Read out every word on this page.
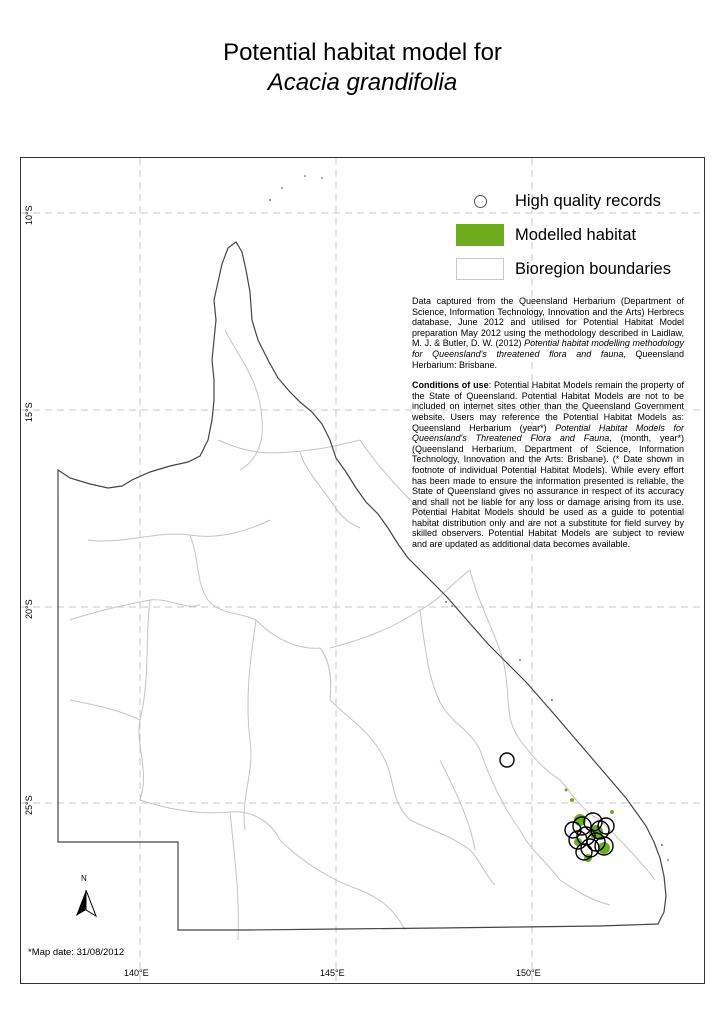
Potential habitat model for
Acacia grandifolia
N
10°S
15°S
20°S
25°S
140°E	145°E	150°E
High quality records
Modelled habitat
Bioregion boundaries

Data captured from the Queensland Herbarium (Department of Science, Information Technology, Innovation and the Arts) Herbrecs database, June 2012 and utilised for Potential Habitat Model preparation May 2012 using the methodology described in Laidlaw, M. J. & Butler, D. W. (2012) Potential habitat modelling methodology for Queensland's threatened flora and fauna, Queensland Herbarium: Brisbane.

Conditions of use: Potential Habitat Models remain the property of the State of Queensland. Potential Habitat Models are not to be included on internet sites other than the Queensland Government website. Users may reference the Potential Habitat Models as: Queensland Herbarium (year*) Potential Habitat Models for Queensland's Threatened Flora and Fauna, (month, year*) (Queensland Herbarium, Department of Science, Information Technology, Innovation and the Arts: Brisbane). (* Date shown in footnote of individual Potential Habitat Models). While every effort has been made to ensure the information presented is reliable, the State of Queensland gives no assurance in respect of its accuracy and shall not be liable for any loss or damage arising from its use. Potential Habitat Models should be used as a guide to potential habitat distribution only and are not a substitute for field survey by skilled observers. Potential Habitat Models are subject to review and are updated as additional data becomes available.

*Map date: 31/08/2012
